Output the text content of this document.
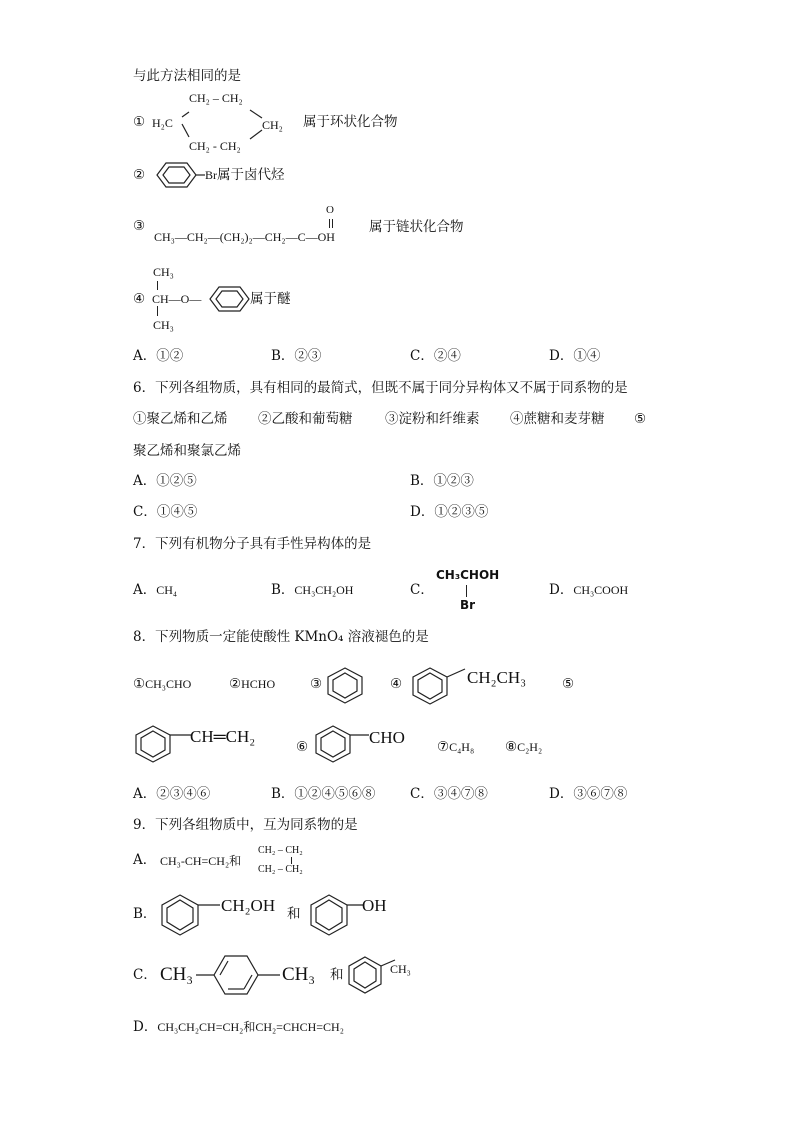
与此方法相同的是
①
CH₂ – CH₂
H₂C	CH₂
CH₂ - CH₂
属于环状化合物
②	Br属于卤代烃
③
O
CH₃—CH₂—(CH₂)₂—CH₂—C—OH
属于链状化合物
CH₃
④ CH—O—
CH₃
属于醚
A．①②	B．②③	C．②④	D．①④
6．下列各组物质，具有相同的最简式，但既不属于同分异构体又不属于同系物的是
①聚乙烯和乙烯 ②乙酸和葡萄糖 ③淀粉和纤维素 ④蔗糖和麦芽糖 ⑤
聚乙烯和聚氯乙烯
A．①②⑤	B．①②③
C．①④⑤	D．①②③⑤
7．下列有机物分子具有手性异构体的是
A．CH₄	B．CH₃CH₂OH	C．
CH₃CHOH
Br
D．CH₃COOH
8．下列物质一定能使酸性 KMnO₄ 溶液褪色的是
①CH₃CHO	②HCHO	③	④	CH₂CH₃	⑤
CH═CH₂
⑥	CHO ⑦C₄H₈ ⑧C₂H₂
A．②③④⑥	B．①②④⑤⑥⑧	C．③④⑦⑧	D．③⑥⑦⑧
9．下列各组物质中，互为同系物的是
A． CH₃-CH=CH₂和
CH₂ – CH₂
CH₂ – CH₂
B．	CH₂OH 和	OH
C． CH₃	CH₃ 和	CH₃
D．CH₃CH₂CH=CH₂和CH₂=CHCH=CH₂
